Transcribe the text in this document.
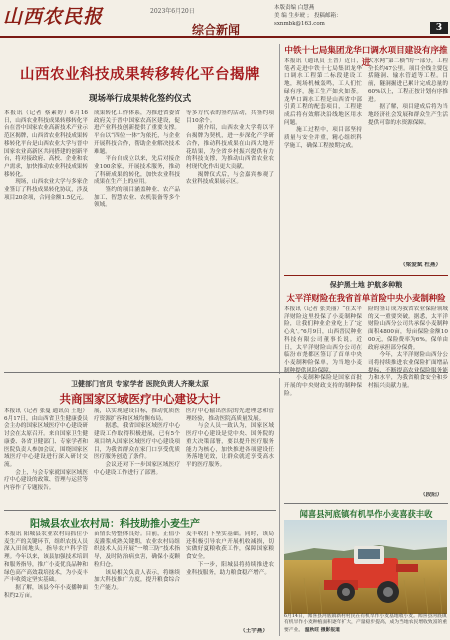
山西农民报	2023年6月20日
综合新闻
本版责编 白慧燕
美 编 生步琥 ； 投稿邮箱：
sxnmbk@163.com	3
山西农业科技成果转移转化平台揭牌
现场举行成果转化签约仪式
本报讯（记者 蔡素婷）6月16日，山西农业科技成果转移转化平台在晋中国家农业高新技术产业示范区揭牌，山西省农业科技成果转移转化平台是山西农业大学与晋中国家农业高新区共同搭建的创新平台，将对接政府、高校、企业和农户需求，加快推动农业科技成果转移转化。
　　现场，山西农业大学与多家企业签订了科技成果转化协议，涉及项目20余项，合同金额1.5亿元。
成果转化工作体系，为推进省委省政府关于晋中国家农高区建设，促进产业科技创新提供了重要支撑。平台以“四位一体”为依托，与企业开展科技合作，帮助企业解决技术难题。
　　平台自成立以来，先后对接企业100余家，开展技术服务，推动了科研成果的转化，加快农业科技成果在生产上的应用。
　　签约的项目涵盖种业、农产品加工、智慧农业、农机装备等多个领域。
等多方代表的签约活动，共签约项目10余个。
　　据介绍，山西农业大学将以平台揭牌为契机，进一步深化产学研合作，推动科技成果在山西大地开花结果，为全省乡村振兴提供有力的科技支撑，为推动山西省农业农村现代化作出更大贡献。
　　揭牌仪式后，与会嘉宾参观了农业科技成果展示区。
中铁十七局集团龙华口调水项目建设有序推进
本报讯（通讯员 王晋）近日，笔者走进中铁十七局集团龙华口调水工程第二标段建设工地，现场机械轰鸣，工人们忙碌有序，施工生产如火如荼。龙华口调水工程是山西省中部引黄工程的配套项目，工程建成后将有效解决沿线地区用水问题。
　　施工过程中，项目部坚持质量与安全并重，精心组织科学施工，确保工程按期完成。
大水网“第二横”的一部分，工程全长约47公里。项目全线主要包括隧洞、输水管道等工程。目前，隧洞掘进已累计完成总量的60%以上，工程正按计划有序推进。
　　据了解，项目建成后将为当地经济社会发展和群众生产生活提供可靠的水资源保障。
（梁爱斌 杜燕）
保护黑土地 护航多种粮
太平洋财险在我省首单首险中央小麦制种险
本报讯（记者 张美丽）“在太平洋财险这里投保了小麦制种保险，让我们种业企业吃上了‘定心丸’。”6月9日，山西晋民种业科技有限公司董事长说。近日，太平洋财险山西分公司在临汾市尧都区签订了首单中央小麦制种险保单，为当地小麦制种提供风险保障。
　　小麦制种保险是国家首批开展的中央财政支持的制种保险。
险的签订成为我省农业保险领域的又一重要突破。据悉，太平洋财险山西分公司共承保小麦制种面积4800亩，每亩保险金额1000元，保险费率为6%。保单由政府承担部分保费。
　　今年，太平洋财险山西分公司将持续推进农业保险扩面增品提标，不断提高农业保险服务能力和水平，为我省粮食安全和乡村振兴贡献力量。
（段阳）
卫健部门官员 专家学者 医院负责人齐聚太原
共商国家区域医疗中心建设大计
本报讯（记者 张蔓 通讯员 王旭）6月17日，由山西省卫生健康委员会主办的国家区域医疗中心建设研讨会在太原召开。来自国家卫生健康委、各省卫健部门、专家学者和医院负责人参加会议，围绕国家区域医疗中心建设进行深入研讨交流。
　　会上，与会专家就国家区域医疗中心建设的政策、管理与运营等内容作了专题报告。
展，以实现建设目标，推动优质医疗资源扩容和区域均衡布局。
　　据悉，我省国家区域医疗中心建设工作取得积极进展，已有5个项目纳入国家区域医疗中心建设项目，为我省群众在家门口享受优质医疗服务创造了条件。
　　会议还对下一步国家区域医疗中心建设工作进行了部署。
医疗中心输出医院的先进理念和管理经验，推动医院高质量发展。
　　与会人员一致认为，国家区域医疗中心建设是党中央、国务院的重大决策部署，要以提升医疗服务能力为核心，加快推进各项建设任务落地见效，让群众就近享受高水平的医疗服务。
阳城县农业农村局：科技助推小麦生产
本报讯 阳城县农业农村局抓住小麦生产的关键环节，组织农技人员深入田间地头，指导农户科学管理。今年以来，该县加强技术培训和服务指导，推广小麦优良品种和绿色高产高效栽培技术，为小麦丰产丰收奠定坚实基础。
　　据了解，该县今年小麦播种面积约2万亩。
苗情长势整体良好。目前，正值小麦灌浆成熟关键期，农业农村局组织技术人员开展“一喷三防”技术指导，及时防治病虫害，确保小麦颗粒归仓。
　　该局相关负责人表示，将继续加大科技推广力度，提升粮食综合生产能力。
麦丰收打下坚实基础。同时，该局还积极引导农户开展机收减损，切实做好夏粮收获工作，保障国家粮食安全。
　　下一步，阳城县将持续推进农业科技服务，助力粮食稳产增产。
（王宇燕）
闻喜县河底镇有机旱作小麦喜获丰收
6月14日，闻喜县河底镇新村村民在有机旱作小麦基地收小麦。闻喜县河底镇有机旱作小麦种植面积逐年扩大，产量稳步提高，成为当地农民增收致富的重要产业。 温秋旺 摄影报道
